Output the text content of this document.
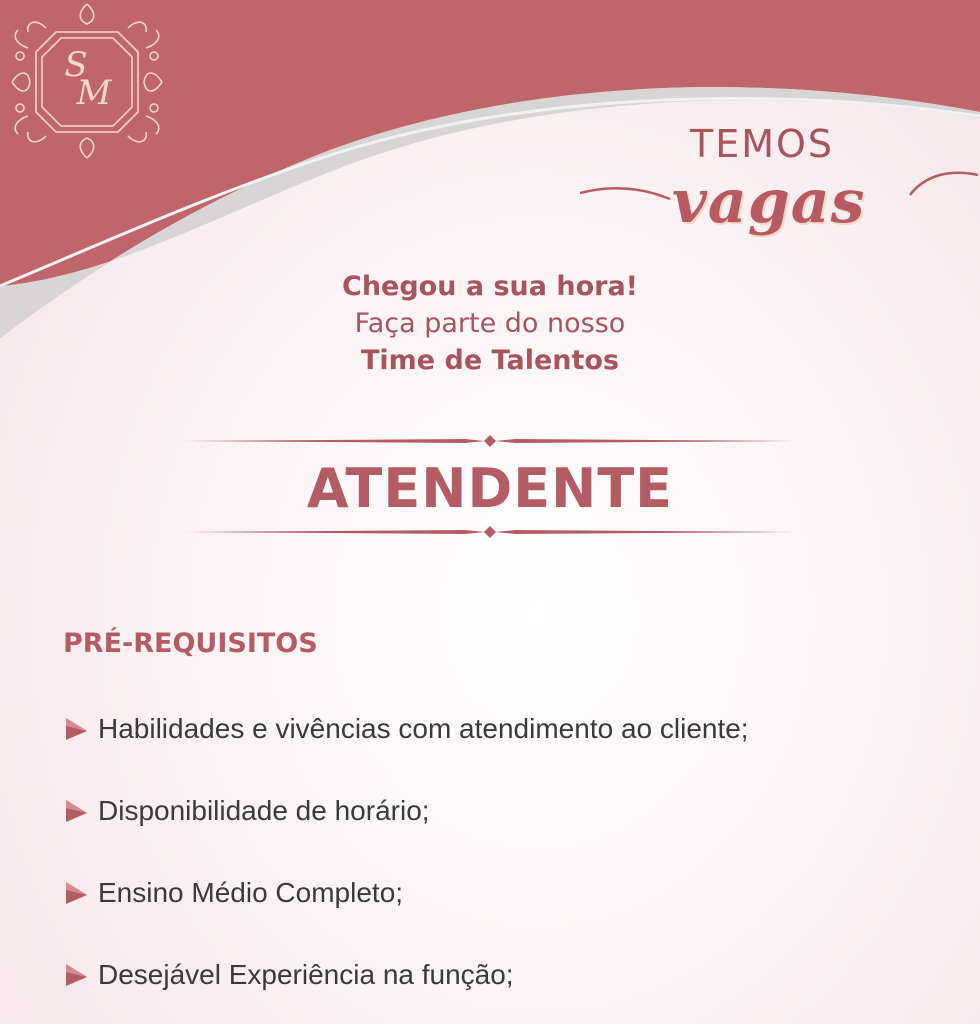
S
M
TEMOS
vagas
Chegou a sua hora!
Faça parte do nosso
Time de Talentos
ATENDENTE
PRÉ-REQUISITOS
Habilidades e vivências com atendimento ao cliente;
Disponibilidade de horário;
Ensino Médio Completo;
Desejável Experiência na função;
